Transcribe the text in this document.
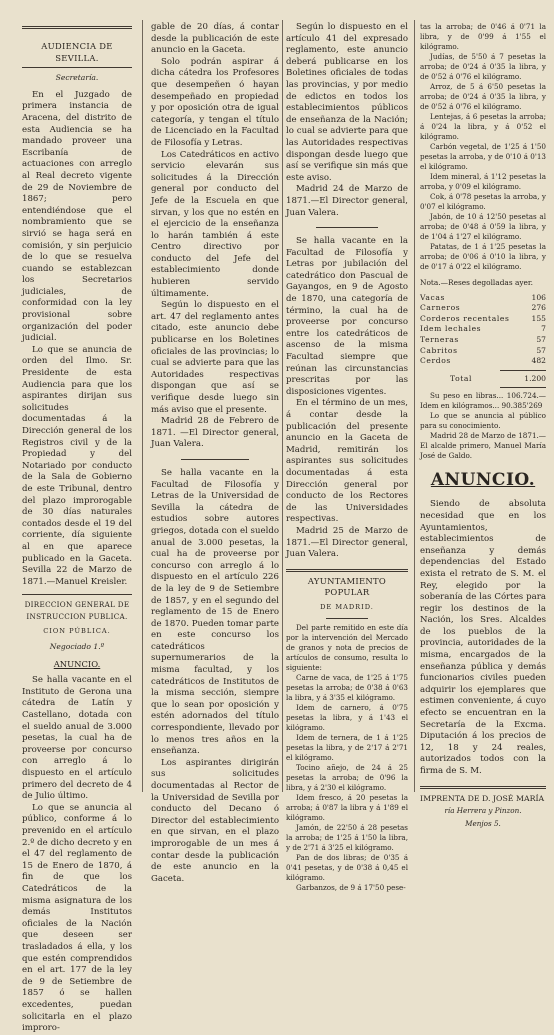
AUDIENCIA DE SEVILLA.
Secretaría.

En el Juzgado de primera instancia de Aracena, del distrito de esta Audiencia se ha mandado proveer una Escribanía de actuaciones con arreglo al Real decreto vigente de 29 de Noviembre de 1867; pero entendiéndose que el nombramiento que se sirvió se haga será en comisión, y sin perjuicio de lo que se resuelva cuando se establezcan los Secretarios judiciales, de conformidad con la ley provisional sobre organización del poder judicial.

Lo que se anuncia de orden del Ilmo. Sr. Presidente de esta Audiencia para que los aspirantes dirijan sus solicitudes documentadas á la Dirección general de los Registros civil y de la Propiedad y del Notariado por conducto de la Sala de Gobierno de este Tribunal, dentro del plazo improrogable de 30 días naturales contados desde el 19 del corriente, día siguiente al en que aparece publicado en la Gaceta. Sevilla 22 de Marzo de 1871.—Manuel Kreisler.

DIRECCION GENERAL DE INSTRUCCION PUBLICA.
CION PÚBLICA.
Negociado 1.º
ANUNCIO.

Se halla vacante en el Instituto de Gerona una cátedra de Latín y Castellano, dotada con el sueldo anual de 3.000 pesetas, la cual ha de proveerse por concurso con arreglo á lo dispuesto en el artículo primero del decreto de 4 de Julio último.

Lo que se anuncia al público, conforme á lo prevenido en el artículo 2.º de dicho decreto y en el 47 del reglamento de 15 de Enero de 1870, á fin de que los Catedráticos de la misma asignatura de los demás Institutos oficiales de la Nación que deseen ser trasladados á ella, y los que estén comprendidos en el art. 177 de la ley de 9 de Setiembre de 1857 ó se hallen excedentes, puedan solicitarla en el plazo improro-

gable de 20 días, á contar desde la publicación de este anuncio en la Gaceta.

Solo podrán aspirar á dicha cátedra los Profesores que desempeñen ó hayan desempeñado en propiedad y por oposición otra de igual categoría, y tengan el título de Licenciado en la Facultad de Filosofía y Letras.

Los Catedráticos en activo servicio elevarán sus solicitudes á la Dirección general por conducto del Jefe de la Escuela en que sirvan, y los que no estén en el ejercicio de la enseñanza lo harán también á este Centro directivo por conducto del Jefe del establecimiento donde hubieren servido últimamente.

Según lo dispuesto en el art. 47 del reglamento antes citado, este anuncio debe publicarse en los Boletines oficiales de las provincias; lo cual se advierte para que las Autoridades respectivas dispongan que así se verifique desde luego sin más aviso que el presente.

Madrid 28 de Febrero de 1871. —El Director general, Juan Valera.

Se halla vacante en la Facultad de Filosofía y Letras de la Universidad de Sevilla la cátedra de estudios sobre autores griegos, dotada con el sueldo anual de 3.000 pesetas, la cual ha de proveerse por concurso con arreglo á lo dispuesto en el artículo 226 de la ley de 9 de Setiembre de 1857, y en el segundo del reglamento de 15 de Enero de 1870. Pueden tomar parte en este concurso los catedráticos supernumerarios de la misma facultad, y los catedráticos de Institutos de la misma sección, siempre que lo sean por oposición y estén adornados del título correspondiente, llevado por lo menos tres años en la enseñanza.

Los aspirantes dirigirán sus solicitudes documentadas al Rector de la Universidad de Sevilla por conducto del Decano ó Director del establecimiento en que sirvan, en el plazo improrogable de un mes á contar desde la publicación de este anuncio en la Gaceta.

Según lo dispuesto en el artículo 41 del expresado reglamento, este anuncio deberá publicarse en los Boletines oficiales de todas las provincias, y por medio de edictos en todos los establecimientos públicos de enseñanza de la Nación; lo cual se advierte para que las Autoridades respectivas dispongan desde luego que así se verifique sin más que este aviso.

Madrid 24 de Marzo de 1871.—El Director general, Juan Valera.

Se halla vacante en la Facultad de Filosofía y Letras por jubilación del catedrático don Pascual de Gayangos, en 9 de Agosto de 1870, una categoría de término, la cual ha de proveerse por concurso entre los catedráticos de ascenso de la misma Facultad siempre que reúnan las circunstancias prescritas por las disposiciones vigentes.

En el término de un mes, á contar desde la publicación del presente anuncio en la Gaceta de Madrid, remitirán los aspirantes sus solicitudes documentadas á esta Dirección general por conducto de los Rectores de las Universidades respectivas.

Madrid 25 de Marzo de 1871.—El Director general, Juan Valera.

AYUNTAMIENTO POPULAR
DE MADRID.

Del parte remitido en este día por la intervención del Mercado de granos y nota de precios de artículos de consumo, resulta lo siguiente:

Carne de vaca, de 1'25 á 1'75 pesetas la arroba; de 0'38 á 0'63 la libra, y á 3'35 el kilógramo.

Idem de carnero, á 0'75 pesetas la libra, y á 1'43 el kilógramo.

Idem de ternera, de 1 á 1'25 pesetas la libra, y de 2'17 á 2'71 el kilógramo.

Tocino añejo, de 24 á 25 pesetas la arroba; de 0'96 la libra, y á 2'30 el kilógramo.

Idem fresco, á 20 pesetas la arroba; á 0'87 la libra y á 1'89 el kilógramo.

Jamón, de 22'50 á 28 pesetas la arroba; de 1'25 á 1'50 la libra, y de 2'71 á 3'25 el kilógramo.

Pan de dos libras; de 0'35 á 0'41 pesetas, y de 0'38 á 0,45 el kilógramo.

Garbanzos, de 9 á 17'50 pese-

tas la arroba; de 0'46 á 0'71 la libra, y de 0'99 á 1'55 el kilógramo.

Judías, de 5'50 á 7 pesetas la arroba; de 0'24 á 0'35 la libra, y de 0'52 á 0'76 el kilógramo.

Arroz, de 5 á 6'50 pesetas la arroba; de 0'24 á 0'35 la libra, y de 0'52 á 0'76 el kilógramo.

Lentejas, á 6 pesetas la arroba; á 0'24 la libra, y á 0'52 el kilógramo.

Carbón vegetal, de 1'25 á 1'50 pesetas la arroba, y de 0'10 á 0'13 el kilógramo.

Idem mineral, á 1'12 pesetas la arroba, y 0'09 el kilógramo.

Cok, á 0'78 pesetas la arroba, y 0'07 el kilógramo.

Jabón, de 10 á 12'50 pesetas al arroba; de 0'48 á 0'59 la libra, y de 1'04 á 1'27 el kilógramo.

Patatas, de 1 á 1'25 pesetas la arroba; de 0'06 á 0'10 la libra, y de 0'17 á 0'22 el kilógramo.

Nota.—Reses degolladas ayer.
Vacas	106
Carneros	276
Corderos recentales	155
Idem lechales	7
Terneras	57
Cabritos	57
Cerdos	482
Total	1.200

Su peso en libras... 106.724.— Idem en kilógramos... 90.385'269

Lo que se anuncia al público para su conocimiento.

Madrid 28 de Marzo de 1871.— El alcalde primero, Manuel María José de Galdo.

ANUNCIO.

Siendo de absoluta necesidad que en los Ayuntamientos, establecimientos de enseñanza y demás dependencias del Estado exista el retrato de S. M. el Rey, elegido por la soberanía de las Córtes para regir los destinos de la Nación, los Sres. Alcaldes de los pueblos de la provincia, autoridades de la misma, encargados de la enseñanza pública y demás funcionarios civiles pueden adquirir los ejemplares que estimen conveniente, á cuyo efecto se encuentran en la Secretaría de la Excma. Diputación á los precios de 12, 18 y 24 reales, autorizados todos con la firma de S. M.

IMPRENTA DE D. JOSÉ MARÍA
ría Herrera y Pinzon.
Menjos 5.
